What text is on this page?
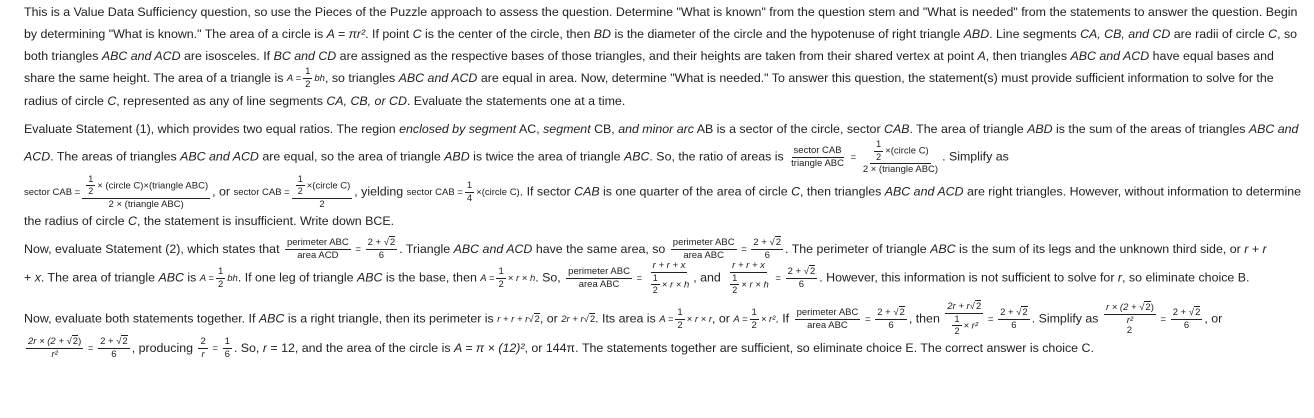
This is a Value Data Sufficiency question, so use the Pieces of the Puzzle approach to assess the question. Determine "What is known" from the question stem and "What is needed" from the statements to answer the question. Begin by determining "What is known." The area of a circle is A = πr². If point C is the center of the circle, then BD is the diameter of the circle and the hypotenuse of right triangle ABD. Line segments CA, CB, and CD are radii of circle C, so both triangles ABC and ACD are isosceles. If BC and CD are assigned as the respective bases of those triangles, and their heights are taken from their shared vertex at point A, then triangles ABC and ACD have equal bases and share the same height. The area of a triangle is $A = \frac{1}{2}$ bh, so triangles ABC and ACD are equal in area. Now, determine "What is needed." To answer this question, the statement(s) must provide sufficient information to solve for the radius of circle C, represented as any of line segments CA, CB, or CD. Evaluate the statements one at a time.

Evaluate Statement (1), which provides two equal ratios. The region enclosed by segment AC, segment CB, and minor arc AB is a sector of the circle, sector CAB. The area of triangle ABD is the sum of the areas of triangles ABC and ACD. The areas of triangles ABC and ACD are equal, so the area of triangle ABD is twice the area of triangle ABC. So, the ratio of areas is $\frac{\text{sector CAB}}{\text{triangle ABC}} = \frac{\frac{1}{2} \times(circle C)}{\text{2 × (triangle ABC)}}$ . Simplify as
sector CAB = $\frac{\frac{1}{2} \times (circle C)\times(triangle ABC)}{\text{2 × (triangle ABC)}}$ , or sector CAB = $\frac{\frac{1}{2} \times(circle C)}{2}$ , yielding sector CAB = $\frac{1}{4}$ ×(circle C). If sector CAB is one quarter of the area of circle C, then triangles ABC and ACD are right triangles. However, without information to determine the radius of circle C, the statement is insufficient. Write down BCE.

Now, evaluate Statement (2), which states that $\frac{\text{perimeter ABC}}{\text{area ACD}} = \frac{2 + √2}{6}$ . Triangle ABC and ACD have the same area, so $\frac{\text{perimeter ABC}}{\text{area ABC}} = \frac{2 + √2}{6}$ . The perimeter of triangle ABC is the sum of its legs and the unknown third side, or r + r
+ x. The area of triangle ABC is $A = \frac{1}{2}$ bh. If one leg of triangle ABC is the base, then $A = \frac{1}{2} \times r \times h$. So, $\frac{\text{perimeter ABC}}{\text{area ABC}} = \frac{r + r + x}{\frac{1}{2} \times r \times h}$ , and $\frac{r + r + x}{\frac{1}{2} \times r \times h} = \frac{2 + √2}{6}$ . However, this information is not sufficient to solve for r, so eliminate choice B.

Now, evaluate both statements together. If ABC is a right triangle, then its perimeter is r + r + r√2, or 2r + r√2. Its area is $A = \frac{1}{2} \times r \times r$, or $A = \frac{1}{2} \times r^2$. If $\frac{\text{perimeter ABC}}{\text{area ABC}} = \frac{2 + √2}{6}$ , then $\frac{2r + r√2}{\frac{1}{2} \times r^2} = \frac{2 + √2}{6}$ . Simplify as
r × (2 + √2)
r²
2
= $\frac{2 + √2}{6}$ , or

$\frac{2r \times (2 + √2)}{\text{r²}} = \frac{2 + √2}{6}$ , producing $\frac{2}{r} = \frac{1}{6}$ . So, r = 12, and the area of the circle is A = π × (12)², or 144π. The statements together are sufficient, so eliminate choice E. The correct answer is choice C.
